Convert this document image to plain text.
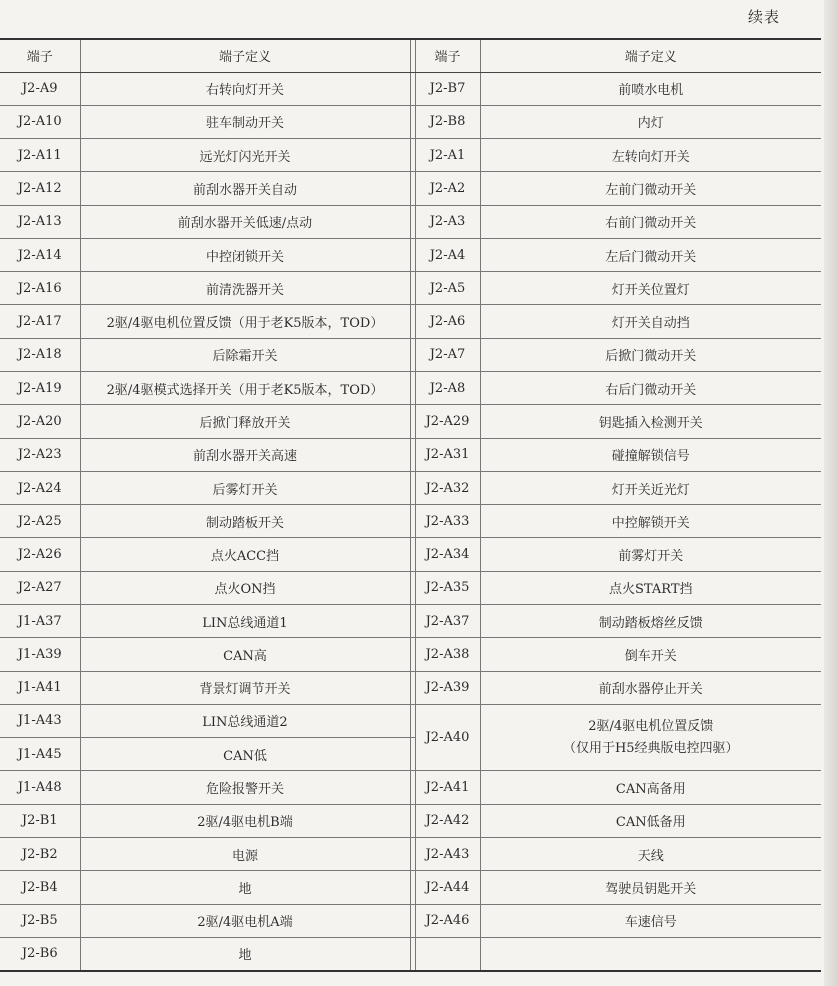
续表
端子	端子定义		端子	端子定义
J2-A9	右转向灯开关		J2-B7	前喷水电机
J2-A10	驻车制动开关		J2-B8	内灯
J2-A11	远光灯闪光开关		J2-A1	左转向灯开关
J2-A12	前刮水器开关自动		J2-A2	左前门微动开关
J2-A13	前刮水器开关低速/点动		J2-A3	右前门微动开关
J2-A14	中控闭锁开关		J2-A4	左后门微动开关
J2-A16	前清洗器开关		J2-A5	灯开关位置灯
J2-A17	2驱/4驱电机位置反馈（用于老K5版本，TOD）		J2-A6	灯开关自动挡
J2-A18	后除霜开关		J2-A7	后掀门微动开关
J2-A19	2驱/4驱模式选择开关（用于老K5版本，TOD）		J2-A8	右后门微动开关
J2-A20	后掀门释放开关		J2-A29	钥匙插入检测开关
J2-A23	前刮水器开关高速		J2-A31	碰撞解锁信号
J2-A24	后雾灯开关		J2-A32	灯开关近光灯
J2-A25	制动踏板开关		J2-A33	中控解锁开关
J2-A26	点火ACC挡		J2-A34	前雾灯开关
J2-A27	点火ON挡		J2-A35	点火START挡
J1-A37	LIN总线通道1		J2-A37	制动踏板熔丝反馈
J1-A39	CAN高		J2-A38	倒车开关
J1-A41	背景灯调节开关		J2-A39	前刮水器停止开关
J1-A43	LIN总线通道2		J2-A40	2驱/4驱电机位置反馈
（仅用于H5经典版电控四驱）

J1-A45	CAN低			
J1-A48	危险报警开关		J2-A41	CAN高备用
J2-B1	2驱/4驱电机B端		J2-A42	CAN低备用
J2-B2	电源		J2-A43	天线
J2-B4	地		J2-A44	驾驶员钥匙开关
J2-B5	2驱/4驱电机A端		J2-A46	车速信号
J2-B6	地			
